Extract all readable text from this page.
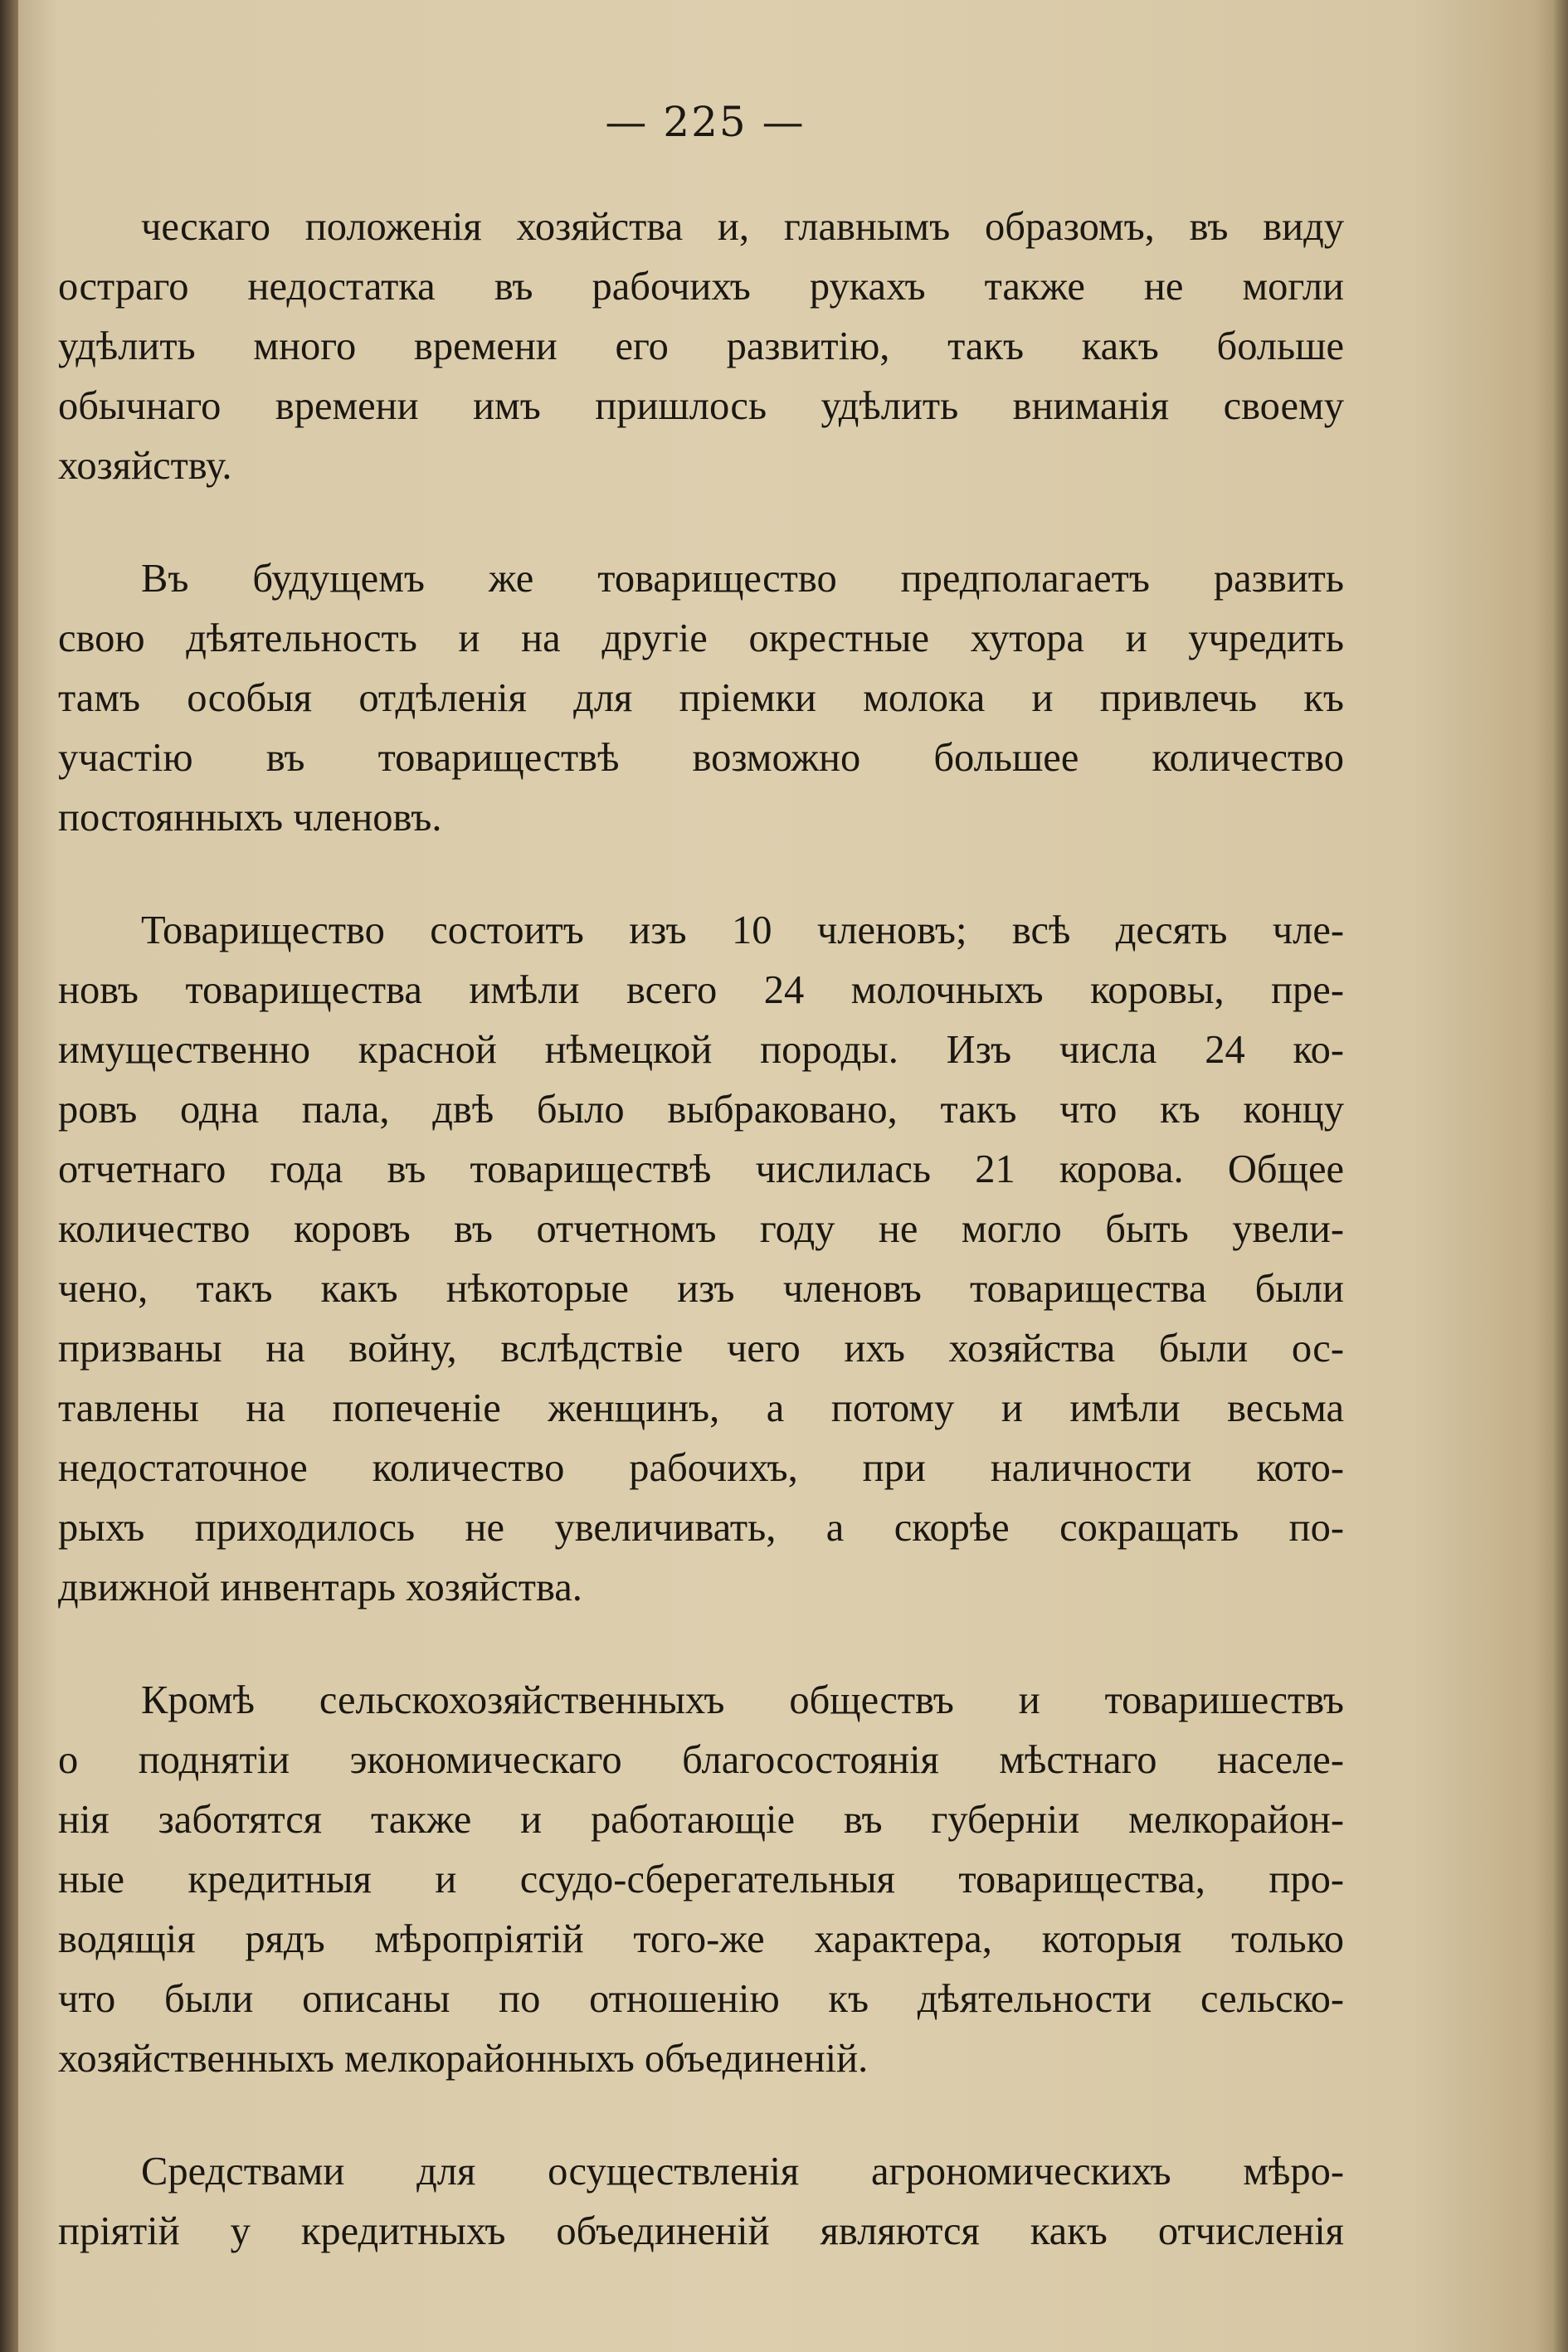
— 225 —
ческаго положенія хозяйства и, главнымъ образомъ, въ виду
остраго недостатка въ рабочихъ рукахъ также не могли
удѣлить много времени его развитію, такъ какъ больше
обычнаго времени имъ пришлось удѣлить вниманія своему
хозяйству.
Въ будущемъ же товарищество предполагаетъ развить
свою дѣятельность и на другіе окрестные хутора и учредить
тамъ особыя отдѣленія для пріемки молока и привлечь къ
участію въ товариществѣ возможно большее количество
постоянныхъ членовъ.
Товарищество состоитъ изъ 10 членовъ; всѣ десять чле-
новъ товарищества имѣли всего 24 молочныхъ коровы, пре-
имущественно красной нѣмецкой породы. Изъ числа 24 ко-
ровъ одна пала, двѣ было выбраковано, такъ что къ концу
отчетнаго года въ товариществѣ числилась 21 корова. Общее
количество коровъ въ отчетномъ году не могло быть увели-
чено, такъ какъ нѣкоторые изъ членовъ товарищества были
призваны на войну, вслѣдствіе чего ихъ хозяйства были ос-
тавлены на попеченіе женщинъ, а потому и имѣли весьма
недостаточное количество рабочихъ, при наличности кото-
рыхъ приходилось не увеличивать, а скорѣе сокращать по-
движной инвентарь хозяйства.
Кромѣ сельскохозяйственныхъ обществъ и товаришествъ
о поднятіи экономическаго благосостоянія мѣстнаго населе-
нія заботятся также и работающіе въ губерніи мелкорайон-
ные кредитныя и ссудо-сберегательныя товарищества, про-
водящія рядъ мѣропріятій того-же характера, которыя только
что были описаны по отношенію къ дѣятельности сельско-
хозяйственныхъ мелкорайонныхъ объединеній.
Средствами для осуществленія агрономическихъ мѣро-
пріятій у кредитныхъ объединеній являются какъ отчисленія
